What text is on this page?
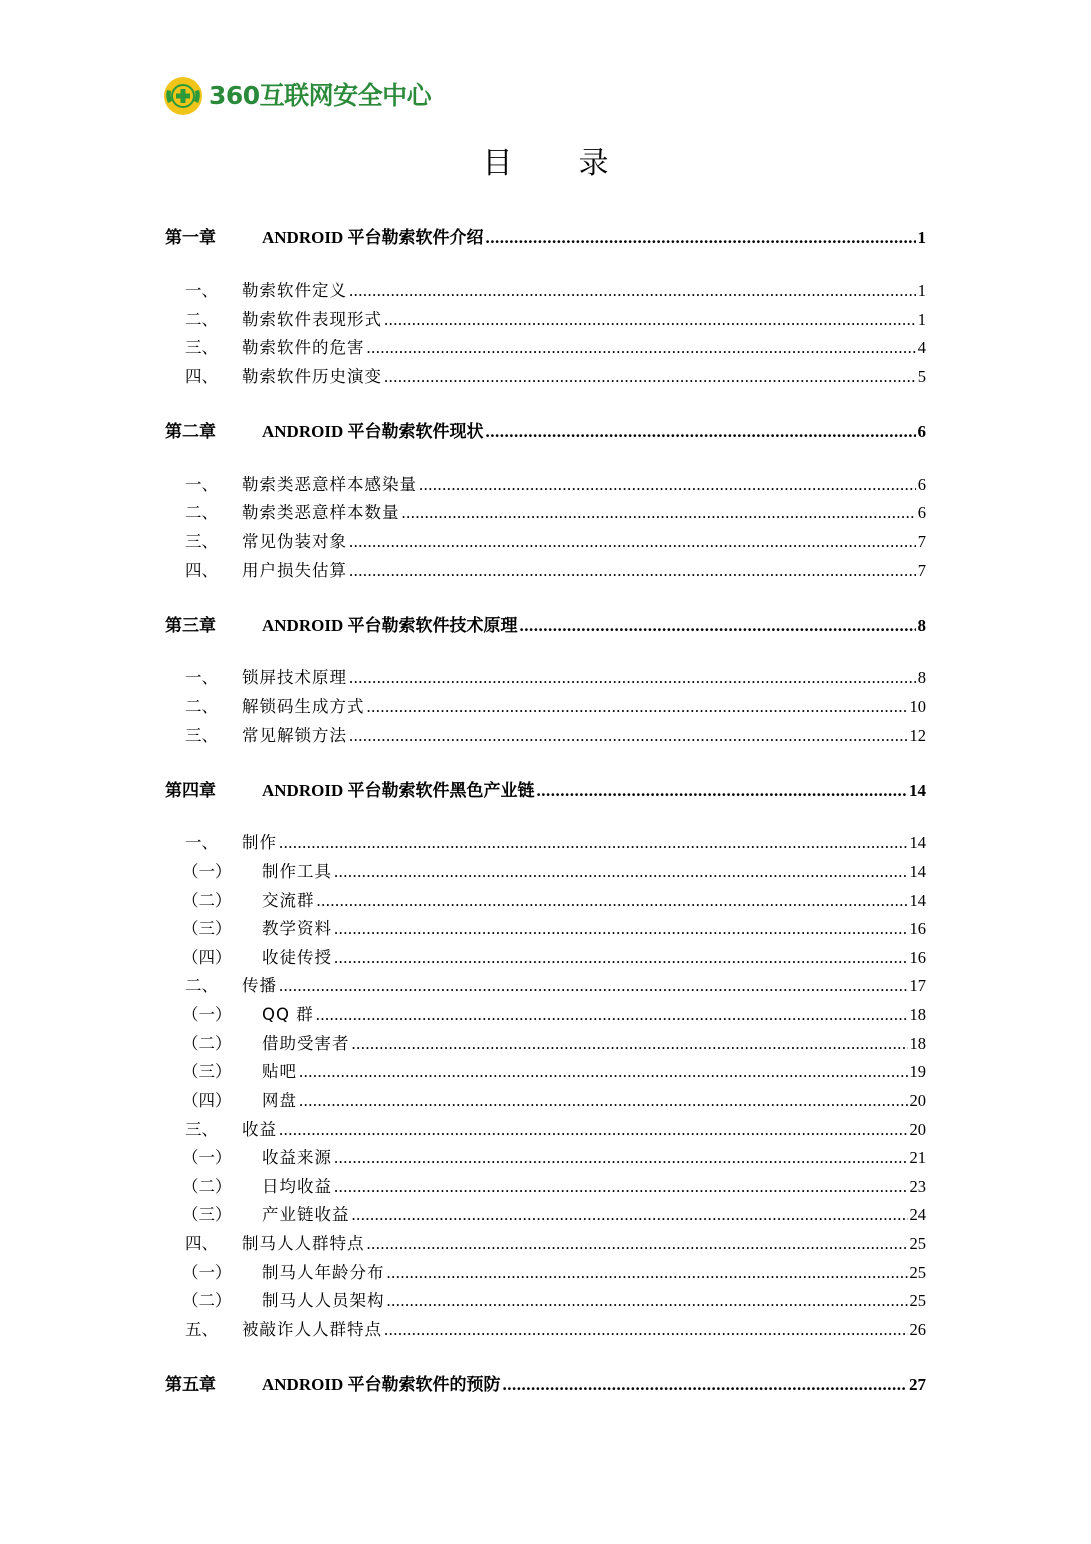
360互联网安全中心
目 录
第一章	ANDROID 平台勒索软件介绍 .....	1
一、 勒索软件定义 .....	1
二、 勒索软件表现形式 .....	1
三、 勒索软件的危害 .....	4
四、 勒索软件历史演变 .....	5
第二章	ANDROID 平台勒索软件现状 .....	6
一、 勒索类恶意样本感染量 .....	6
二、 勒索类恶意样本数量 .....	6
三、 常见伪装对象 .....	7
四、 用户损失估算 .....	7
第三章	ANDROID 平台勒索软件技术原理 .....	8
一、 锁屏技术原理 .....	8
二、 解锁码生成方式 .....	10
三、 常见解锁方法 .....	12
第四章	ANDROID 平台勒索软件黑色产业链 .....	14
一、 制作 .....	14
（一） 制作工具 .....	14
（二） 交流群 .....	14
（三） 教学资料 .....	16
（四） 收徒传授 .....	16
二、 传播 .....	17
（一） QQ 群 .....	18
（二） 借助受害者 .....	18
（三） 贴吧 .....	19
（四） 网盘 .....	20
三、 收益 .....	20
（一） 收益来源 .....	21
（二） 日均收益 .....	23
（三） 产业链收益 .....	24
四、 制马人人群特点 .....	25
（一） 制马人年龄分布 .....	25
（二） 制马人人员架构 .....	25
五、 被敲诈人人群特点 .....	26
第五章	ANDROID 平台勒索软件的预防 .....	27
